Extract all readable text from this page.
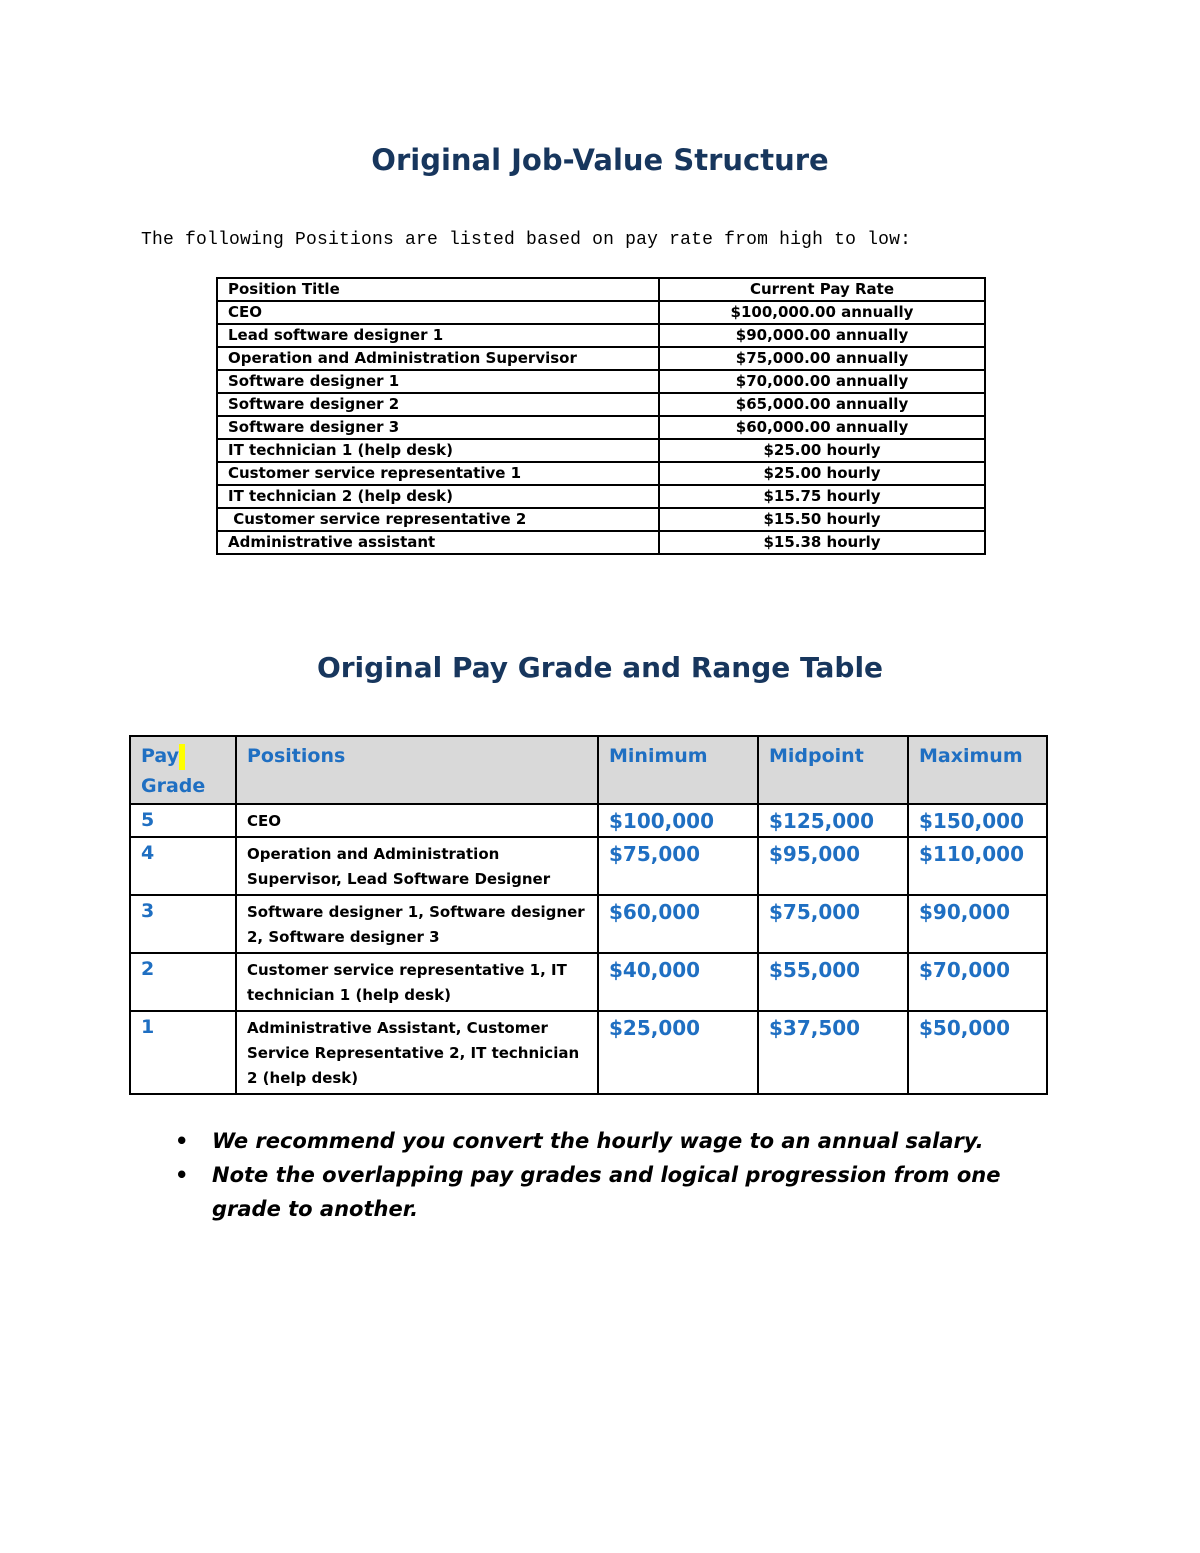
Original Job-Value Structure

The following Positions are listed based on pay rate from high to low:

Position Title	Current Pay Rate
CEO	$100,000.00 annually
Lead software designer 1	$90,000.00 annually
Operation and Administration Supervisor	$75,000.00 annually
Software designer 1	$70,000.00 annually
Software designer 2	$65,000.00 annually
Software designer 3	$60,000.00 annually
IT technician 1 (help desk)	$25.00 hourly
Customer service representative 1	$25.00 hourly
IT technician 2 (help desk)	$15.75 hourly
Customer service representative 2	$15.50 hourly
Administrative assistant	$15.38 hourly
Original Pay Grade and Range Table
Pay
Grade	Positions	Minimum	Midpoint	Maximum
5	CEO	$100,000	$125,000	$150,000
4	Operation and Administration Supervisor, Lead Software Designer	$75,000	$95,000	$110,000
3	Software designer 1, Software designer 2, Software designer 3	$60,000	$75,000	$90,000
2	Customer service representative 1, IT technician 1 (help desk)	$40,000	$55,000	$70,000
1	Administrative Assistant, Customer Service Representative 2, IT technician 2 (help desk)	$25,000	$37,500	$50,000
• We recommend you convert the hourly wage to an annual salary.
• Note the overlapping pay grades and logical progression from one grade to another.
